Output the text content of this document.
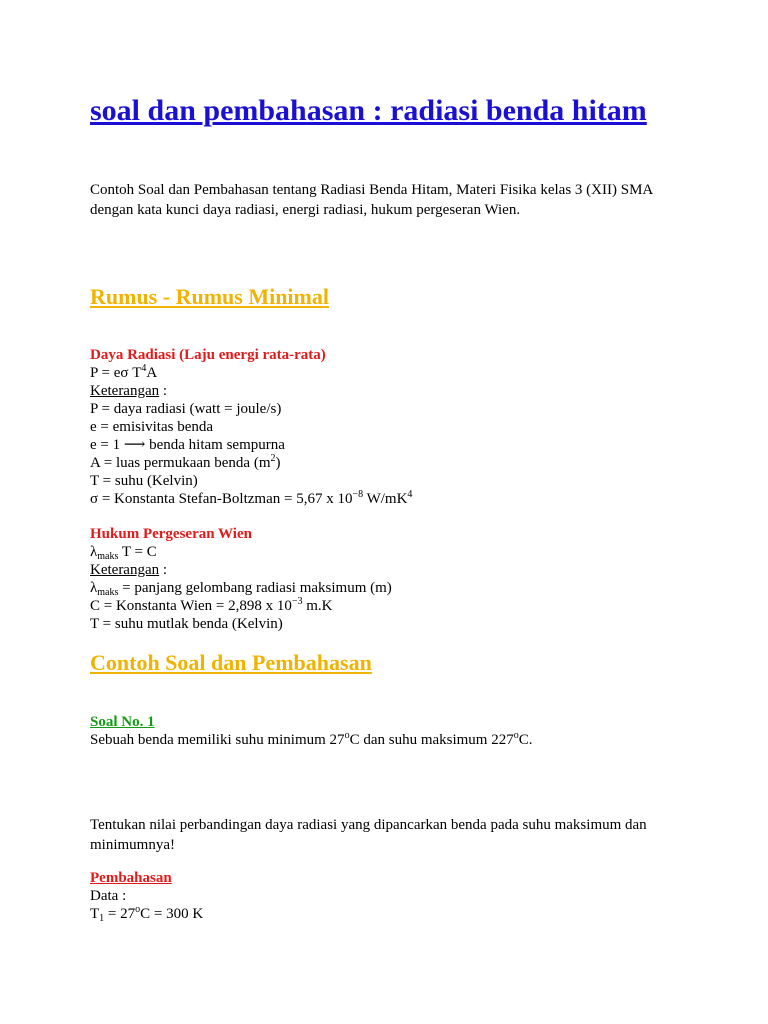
soal dan pembahasan : radiasi benda hitam
Contoh Soal dan Pembahasan tentang Radiasi Benda Hitam, Materi Fisika kelas 3 (XII) SMA dengan kata kunci daya radiasi, energi radiasi, hukum pergeseran Wien.
Rumus - Rumus Minimal
Daya Radiasi (Laju energi rata-rata)
P = eσ $T^4A$
Keterangan :
P = daya radiasi (watt = joule/s)
e = emisivitas benda
e = 1 ⟶ benda hitam sempurna
A = luas permukaan benda $(m^2)$
T = suhu (Kelvin)
σ = Konstanta Stefan-Boltzman = 5,67 x $10^{-8}$ $W/mK^4$
Hukum Pergeseran Wien
$\lambda_{maks}$ T = C
Keterangan :
$\lambda_{maks}$ = panjang gelombang radiasi maksimum (m)
C = Konstanta Wien = 2,898 x $10^{-3}$ m.K
T = suhu mutlak benda (Kelvin)
Contoh Soal dan Pembahasan
Soal No. 1
Sebuah benda memiliki suhu minimum 27$^o$C dan suhu maksimum 227$^o$C.
Tentukan nilai perbandingan daya radiasi yang dipancarkan benda pada suhu maksimum dan minimumnya!
Pembahasan
Data :
$T_1 = 27^oC = 300$ K
